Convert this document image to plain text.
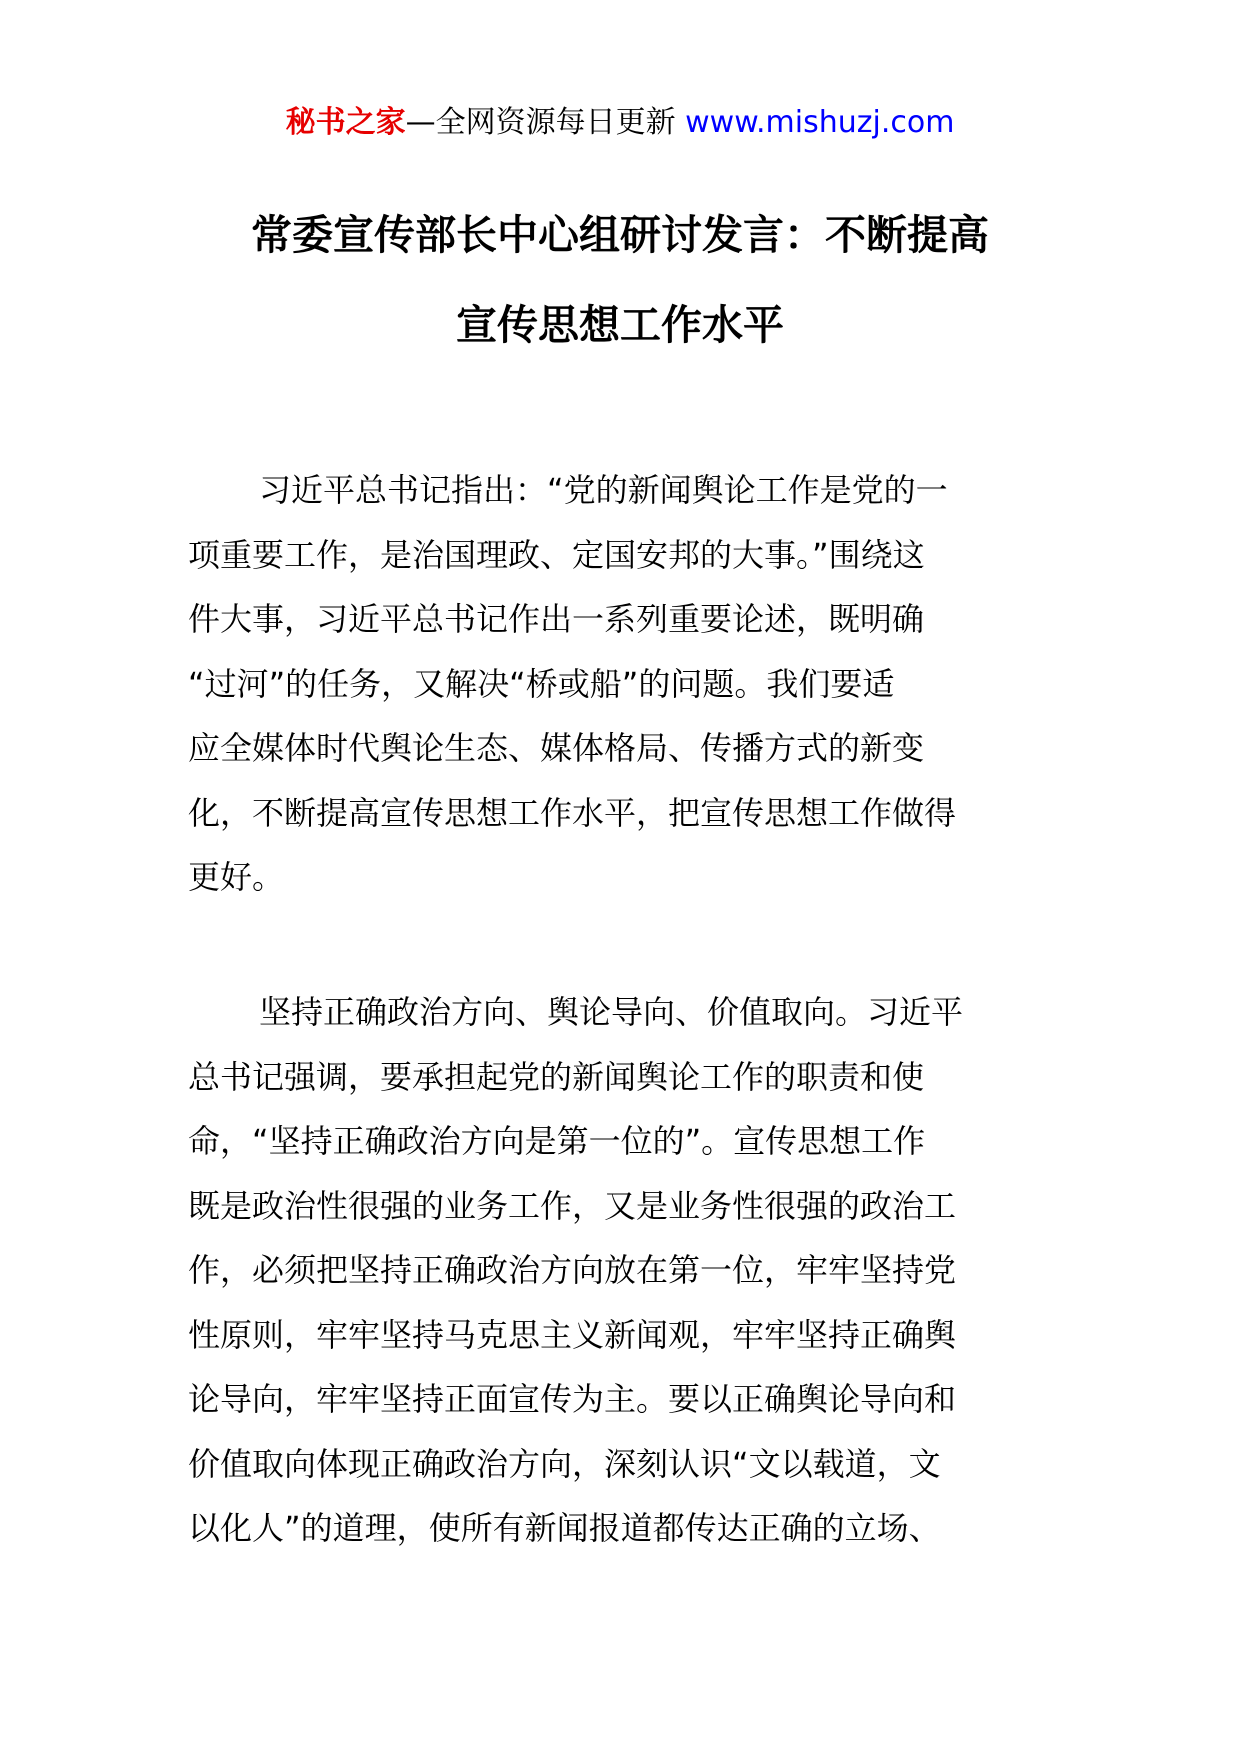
秘书之家—全网资源每日更新 www.mishuzj.com
常委宣传部长中心组研讨发言：不断提高
宣传思想工作水平
习近平总书记指出：“党的新闻舆论工作是党的一
项重要工作，是治国理政、定国安邦的大事。”围绕这
件大事，习近平总书记作出一系列重要论述，既明确
“过河”的任务，又解决“桥或船”的问题。我们要适
应全媒体时代舆论生态、媒体格局、传播方式的新变
化，不断提高宣传思想工作水平，把宣传思想工作做得
更好。
坚持正确政治方向、舆论导向、价值取向。习近平
总书记强调，要承担起党的新闻舆论工作的职责和使
命，“坚持正确政治方向是第一位的”。宣传思想工作
既是政治性很强的业务工作，又是业务性很强的政治工
作，必须把坚持正确政治方向放在第一位，牢牢坚持党
性原则，牢牢坚持马克思主义新闻观，牢牢坚持正确舆
论导向，牢牢坚持正面宣传为主。要以正确舆论导向和
价值取向体现正确政治方向，深刻认识“文以载道，文
以化人”的道理，使所有新闻报道都传达正确的立场、
